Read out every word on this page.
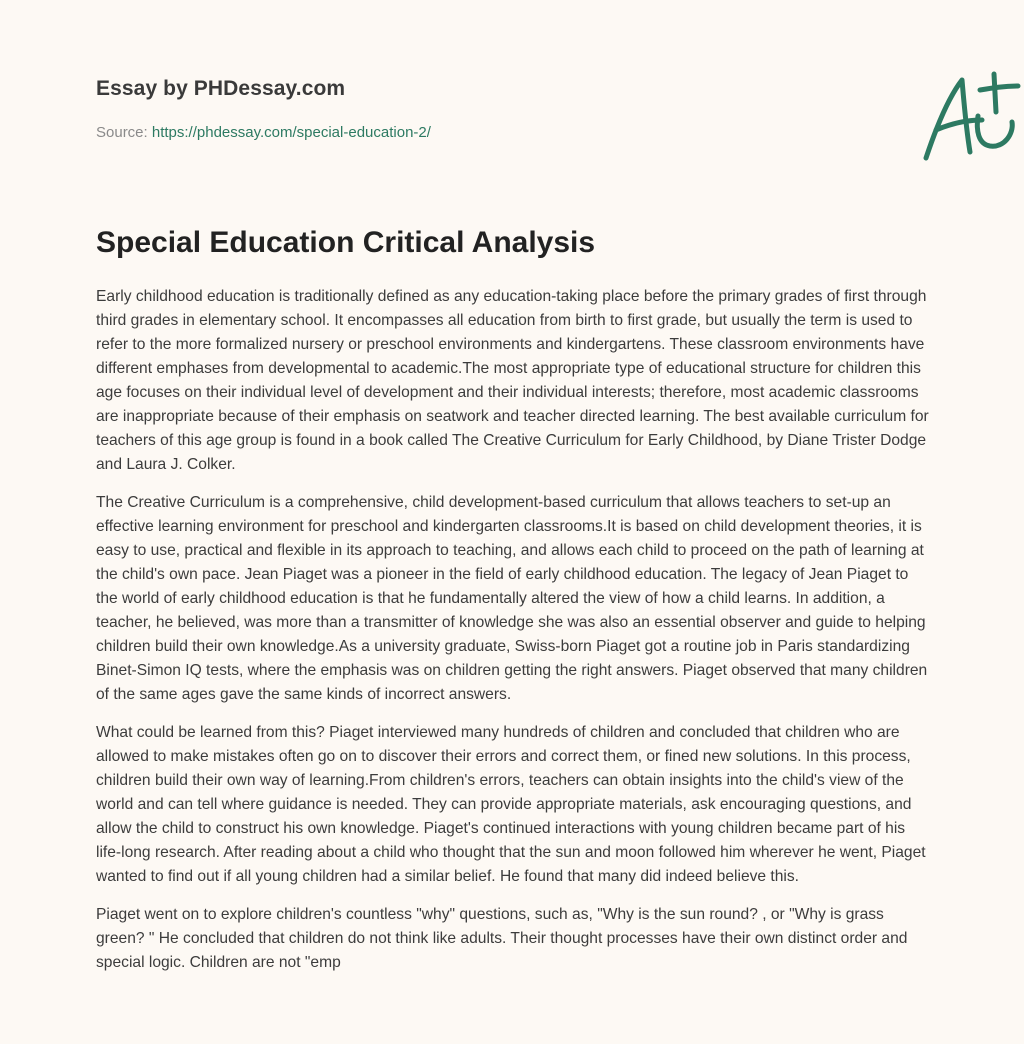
Essay by PHDessay.com
Source: https://phdessay.com/special-education-2/
Special Education Critical Analysis

Early childhood education is traditionally defined as any education-taking place before the primary grades of first through third grades in elementary school. It encompasses all education from birth to first grade, but usually the term is used to refer to the more formalized nursery or preschool environments and kindergartens. These classroom environments have different emphases from developmental to academic.The most appropriate type of educational structure for children this age focuses on their individual level of development and their individual interests; therefore, most academic classrooms are inappropriate because of their emphasis on seatwork and teacher directed learning. The best available curriculum for teachers of this age group is found in a book called The Creative Curriculum for Early Childhood, by Diane Trister Dodge and Laura J. Colker.

The Creative Curriculum is a comprehensive, child development-based curriculum that allows teachers to set-up an effective learning environment for preschool and kindergarten classrooms.It is based on child development theories, it is easy to use, practical and flexible in its approach to teaching, and allows each child to proceed on the path of learning at the child's own pace. Jean Piaget was a pioneer in the field of early childhood education. The legacy of Jean Piaget to the world of early childhood education is that he fundamentally altered the view of how a child learns. In addition, a teacher, he believed, was more than a transmitter of knowledge she was also an essential observer and guide to helping children build their own knowledge.As a university graduate, Swiss-born Piaget got a routine job in Paris standardizing Binet-Simon IQ tests, where the emphasis was on children getting the right answers. Piaget observed that many children of the same ages gave the same kinds of incorrect answers.

What could be learned from this? Piaget interviewed many hundreds of children and concluded that children who are allowed to make mistakes often go on to discover their errors and correct them, or fined new solutions. In this process, children build their own way of learning.From children's errors, teachers can obtain insights into the child's view of the world and can tell where guidance is needed. They can provide appropriate materials, ask encouraging questions, and allow the child to construct his own knowledge. Piaget's continued interactions with young children became part of his life-long research. After reading about a child who thought that the sun and moon followed him wherever he went, Piaget wanted to find out if all young children had a similar belief. He found that many did indeed believe this.

Piaget went on to explore children's countless "why" questions, such as, "Why is the sun round? , or "Why is grass green? " He concluded that children do not think like adults. Their thought processes have their own distinct order and special logic. Children are not "emp
